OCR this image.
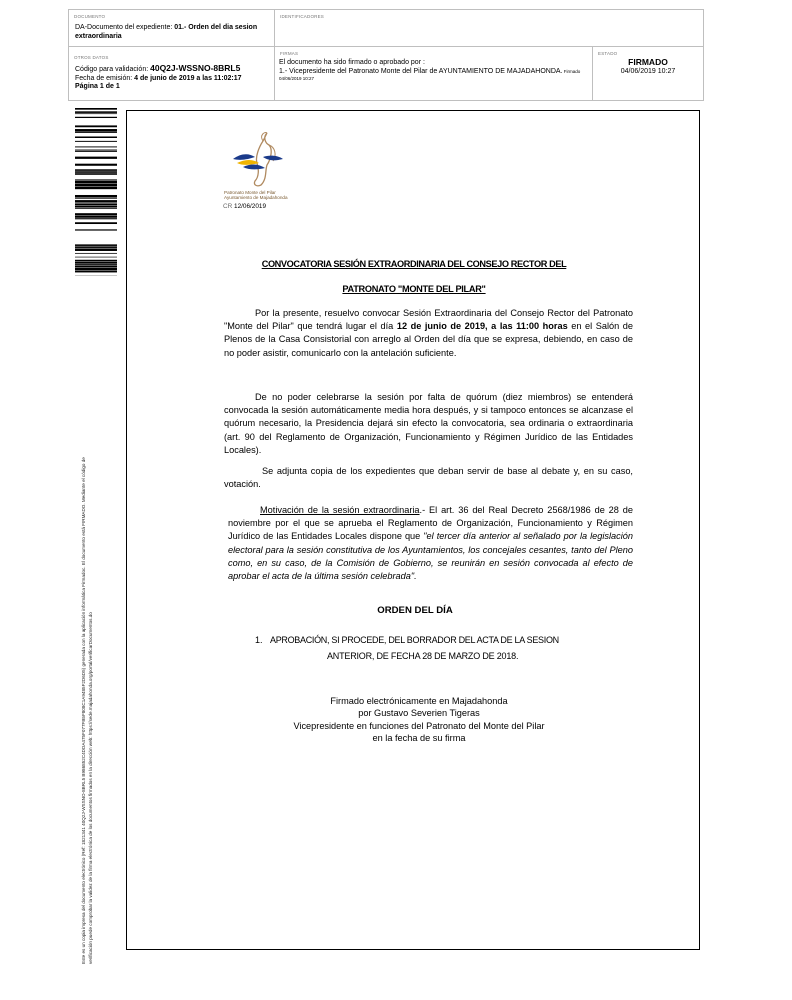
DOCUMENTO
DA-Documento del expediente: 01.- Orden del dia sesion extraordinaria
IDENTIFICADORES
OTROS DATOS
Código para validación: 40Q2J-WSSNO-8BRL5
Fecha de emisión: 4 de junio de 2019 a las 11:02:17
Página 1 de 1
FIRMAS
El documento ha sido firmado o aprobado por :
1.- Vicepresidente del Patronato Monte del Pilar de AYUNTAMIENTO DE MAJADAHONDA. Firmado
04/06/2019 10:27
ESTADO
FIRMADO
04/06/2019 10:27
Este es un copia impresa del documento electrónico (Ref: 1821341 40Q2J-WSSNO-8BRL5 B986852C4DDA475F077FB5F808C1A9485F2D6D5) generada con la aplicación informática Firmadoc. El documento está FIRMADO. Mediante el código de verificación puede comprobar la validez de la firma electrónica de los documentos firmados en la dirección web: https://sede.majadahonda.org/portal/verificarDocumentos.do
Patronato Monte del Pilar
Ayuntamiento de Majadahonda
CR 12/06/2019
CONVOCATORIA SESIÓN EXTRAORDINARIA DEL CONSEJO RECTOR DEL
PATRONATO "MONTE DEL PILAR"
Por la presente, resuelvo convocar Sesión Extraordinaria del Consejo Rector del Patronato "Monte del Pilar" que tendrá lugar el día 12 de junio de 2019, a las 11:00 horas en el Salón de Plenos de la Casa Consistorial con arreglo al Orden del día que se expresa, debiendo, en caso de no poder asistir, comunicarlo con la antelación suficiente.
De no poder celebrarse la sesión por falta de quórum (diez miembros) se entenderá convocada la sesión automáticamente media hora después, y si tampoco entonces se alcanzase el quórum necesario, la Presidencia dejará sin efecto la convocatoria, sea ordinaria o extraordinaria (art. 90 del Reglamento de Organización, Funcionamiento y Régimen Jurídico de las Entidades Locales).
Se adjunta copia de los expedientes que deban servir de base al debate y, en su caso, votación.
Motivación de la sesión extraordinaria.- El art. 36 del Real Decreto 2568/1986 de 28 de noviembre por el que se aprueba el Reglamento de Organización, Funcionamiento y Régimen Jurídico de las Entidades Locales dispone que "el tercer día anterior al señalado por la legislación electoral para la sesión constitutiva de los Ayuntamientos, los concejales cesantes, tanto del Pleno como, en su caso, de la Comisión de Gobierno, se reunirán en sesión convocada al efecto de aprobar el acta de la última sesión celebrada".
ORDEN DEL DÍA
1. APROBACIÓN, SI PROCEDE, DEL BORRADOR DEL ACTA DE LA SESION
ANTERIOR, DE FECHA 28 DE MARZO DE 2018.
Firmado electrónicamente en Majadahonda
por Gustavo Severien Tigeras
Vicepresidente en funciones del Patronato del Monte del Pilar
en la fecha de su firma
